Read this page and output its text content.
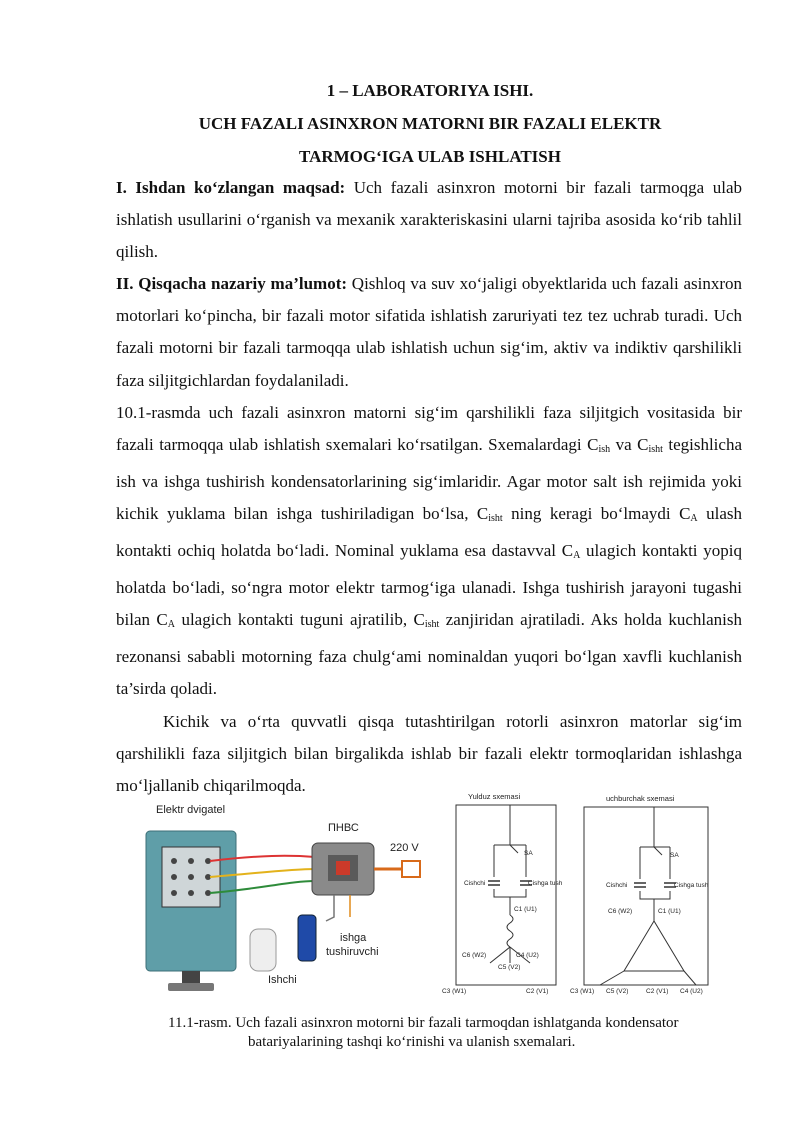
1 – LABORATORIYA ISHI.
UCH FAZALI ASINXRON MATORNI BIR FAZALI ELEKTR
TARMOG‘IGA ULAB ISHLATISH

I. Ishdan ko‘zlangan maqsad: Uch fazali asinxron motorni bir fazali tarmoqga ulab ishlatish usullarini o‘rganish va mexanik xarakteriskasini ularni tajriba asosida ko‘rib tahlil qilish.

II. Qisqacha nazariy ma’lumot: Qishloq va suv xo‘jaligi obyektlarida uch fazali asinxron motorlari ko‘pincha, bir fazali motor sifatida ishlatish zaruriyati tez tez uchrab turadi. Uch fazali motorni bir fazali tarmoqqa ulab ishlatish uchun sig‘im, aktiv va indiktiv qarshilikli faza siljitgichlardan foydalaniladi.

10.1-rasmda uch fazali asinxron matorni sig‘im qarshilikli faza siljitgich vositasida bir fazali tarmoqqa ulab ishlatish sxemalari ko‘rsatilgan. Sxemalardagi $C_{ish}$ va $C_{isht}$ tegishlicha ish va ishga tushirish kondensatorlarining sig‘imlaridir. Agar motor salt ish rejimida yoki kichik yuklama bilan ishga tushiriladigan bo‘lsa, $C_{isht}$ ning keragi bo‘lmaydi $C_A$ ulash kontakti ochiq holatda bo‘ladi. Nominal yuklama esa dastavval $C_A$ ulagich kontakti yopiq holatda bo‘ladi, so‘ngra motor elektr tarmog‘iga ulanadi. Ishga tushirish jarayoni tugashi bilan $C_A$ ulagich kontakti tuguni ajratilib, $C_{isht}$ zanjiridan ajratiladi. Aks holda kuchlanish rezonansi sababli motorning faza chulg‘ami nominaldan yuqori bo‘lgan xavfli kuchlanish ta’sirda qoladi.

Kichik va o‘rta quvvatli qisqa tutashtirilgan rotorli asinxron matorlar sig‘im qarshilikli faza siljitgich bilan birgalikda ishlab bir fazali elektr tormoqlaridan ishlashga mo‘ljallanib chiqarilmoqda.

Elektr dvigatel
ПНВС
220 V
Ishchi
ishga
tushiruvchi
Yulduz sxemasi
Cishchi	Cishga tush
SA
C1 (U1)
C6 (W2)	C4 (U2)
C5 (V2)
C3 (W1)	C2 (V1)
uchburchak sxemasi
Cishchi	Cishga tush
SA
C6 (W2)	C1 (U1)
C3 (W1) C5 (V2)	C2 (V1) C4 (U2)
11.1-rasm. Uch fazali asinxron motorni bir fazali tarmoqdan ishlatganda kondensator
batariyalarining tashqi ko‘rinishi va ulanish sxemalari.
